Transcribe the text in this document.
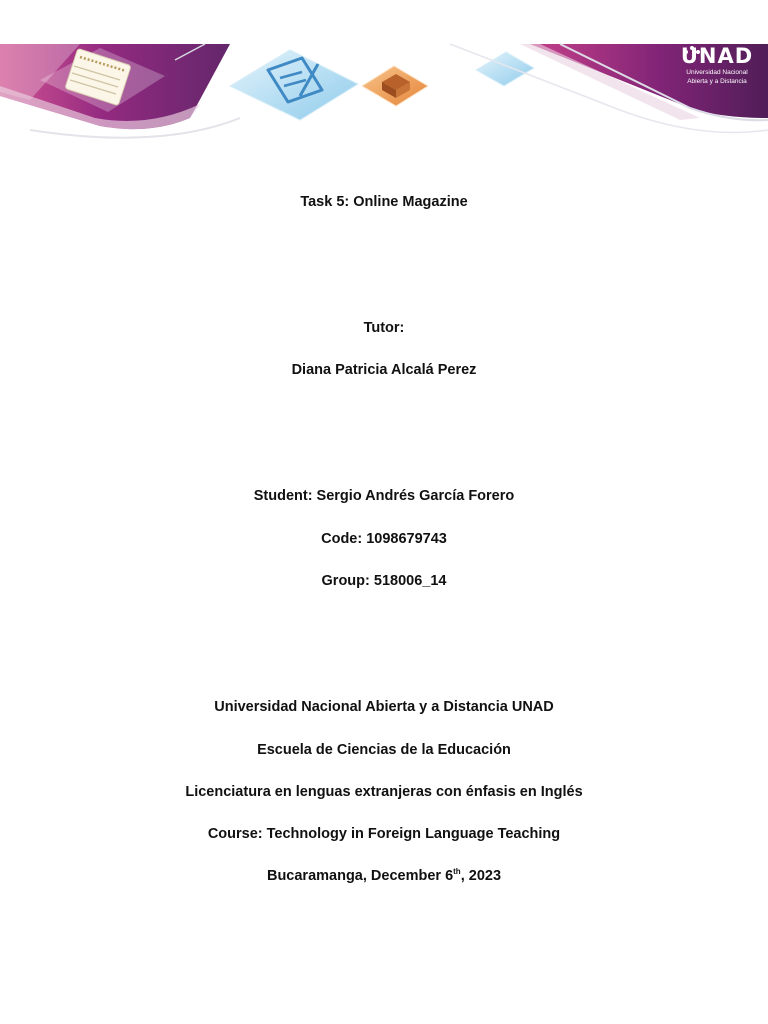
UNAD
Universidad Nacional
Abierta y a Distancia
Task 5: Online Magazine
Tutor:
Diana Patricia Alcalá Perez
Student: Sergio Andrés García Forero
Code: 1098679743
Group: 518006_14
Universidad Nacional Abierta y a Distancia UNAD
Escuela de Ciencias de la Educación
Licenciatura en lenguas extranjeras con énfasis en Inglés
Course: Technology in Foreign Language Teaching
Bucaramanga, December 6th, 2023
